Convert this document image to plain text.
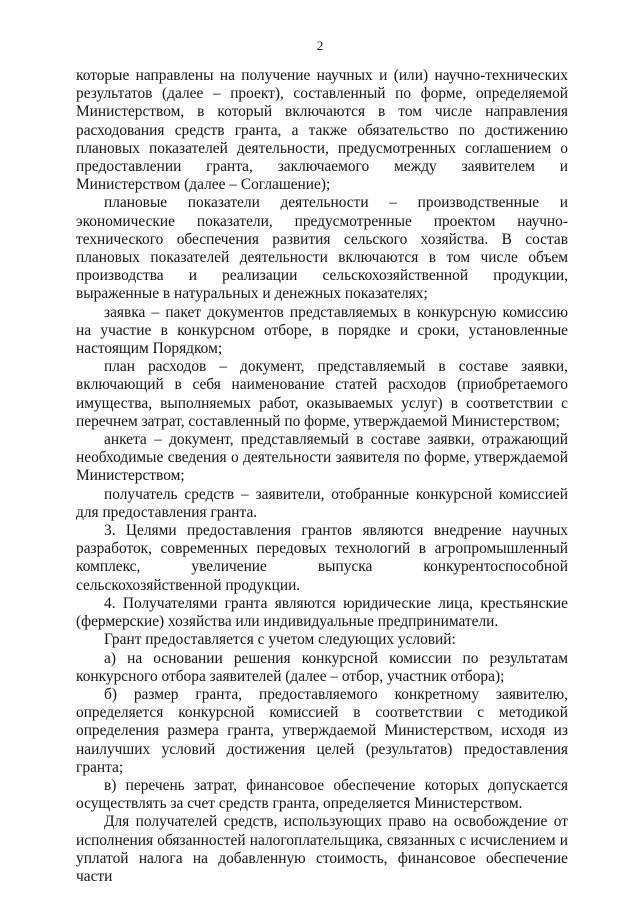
2

которые направлены на получение научных и (или) научно-технических результатов (далее – проект), составленный по форме, определяемой Министерством, в который включаются в том числе направления расходования средств гранта, а также обязательство по достижению плановых показателей деятельности, предусмотренных соглашением о предоставлении гранта, заключаемого между заявителем и Министерством (далее – Соглашение);

плановые показатели деятельности – производственные и экономические показатели, предусмотренные проектом научно-технического обеспечения развития сельского хозяйства. В состав плановых показателей деятельности включаются в том числе объем производства и реализации сельскохозяйственной продукции, выраженные в натуральных и денежных показателях;

заявка – пакет документов представляемых в конкурсную комиссию на участие в конкурсном отборе, в порядке и сроки, установленные настоящим Порядком;

план расходов – документ, представляемый в составе заявки, включающий в себя наименование статей расходов (приобретаемого имущества, выполняемых работ, оказываемых услуг) в соответствии с перечнем затрат, составленный по форме, утверждаемой Министерством;

анкета – документ, представляемый в составе заявки, отражающий необходимые сведения о деятельности заявителя по форме, утверждаемой Министерством;

получатель средств – заявители, отобранные конкурсной комиссией для предоставления гранта.

3. Целями предоставления грантов являются внедрение научных разработок, современных передовых технологий в агропромышленный комплекс, увеличение выпуска конкурентоспособной сельскохозяйственной продукции.

4. Получателями гранта являются юридические лица, крестьянские (фермерские) хозяйства или индивидуальные предприниматели.

Грант предоставляется с учетом следующих условий:

а) на основании решения конкурсной комиссии по результатам конкурсного отбора заявителей (далее – отбор, участник отбора);

б) размер гранта, предоставляемого конкретному заявителю, определяется конкурсной комиссией в соответствии с методикой определения размера гранта, утверждаемой Министерством, исходя из наилучших условий достижения целей (результатов) предоставления гранта;

в) перечень затрат, финансовое обеспечение которых допускается осуществлять за счет средств гранта, определяется Министерством.

Для получателей средств, использующих право на освобождение от исполнения обязанностей налогоплательщика, связанных с исчислением и уплатой налога на добавленную стоимость, финансовое обеспечение части
